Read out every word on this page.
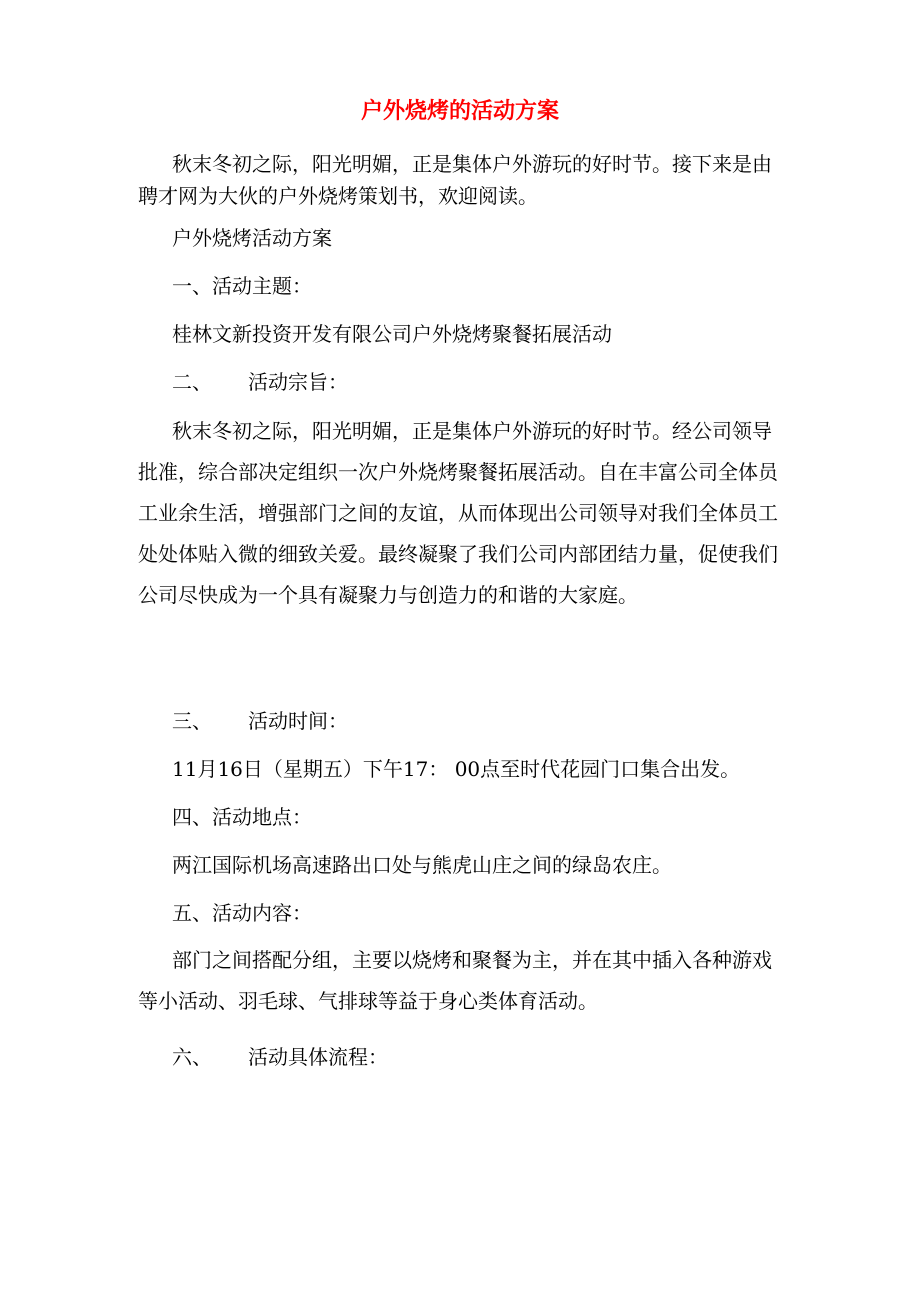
户外烧烤的活动方案

秋末冬初之际，阳光明媚，正是集体户外游玩的好时节。接下来是由聘才网为大伙的户外烧烤策划书，欢迎阅读。

户外烧烤活动方案

一、活动主题：

桂林文新投资开发有限公司户外烧烤聚餐拓展活动

二、 活动宗旨：

秋末冬初之际，阳光明媚，正是集体户外游玩的好时节。经公司领导批准，综合部决定组织一次户外烧烤聚餐拓展活动。自在丰富公司全体员工业余生活，增强部门之间的友谊，从而体现出公司领导对我们全体员工处处体贴入微的细致关爱。最终凝聚了我们公司内部团结力量，促使我们公司尽快成为一个具有凝聚力与创造力的和谐的大家庭。

三、 活动时间：

11月16日（星期五）下午17： 00点至时代花园门口集合出发。

四、活动地点：

两江国际机场高速路出口处与熊虎山庄之间的绿岛农庄。

五、活动内容：

部门之间搭配分组，主要以烧烤和聚餐为主，并在其中插入各种游戏等小活动、羽毛球、气排球等益于身心类体育活动。

六、 活动具体流程：
